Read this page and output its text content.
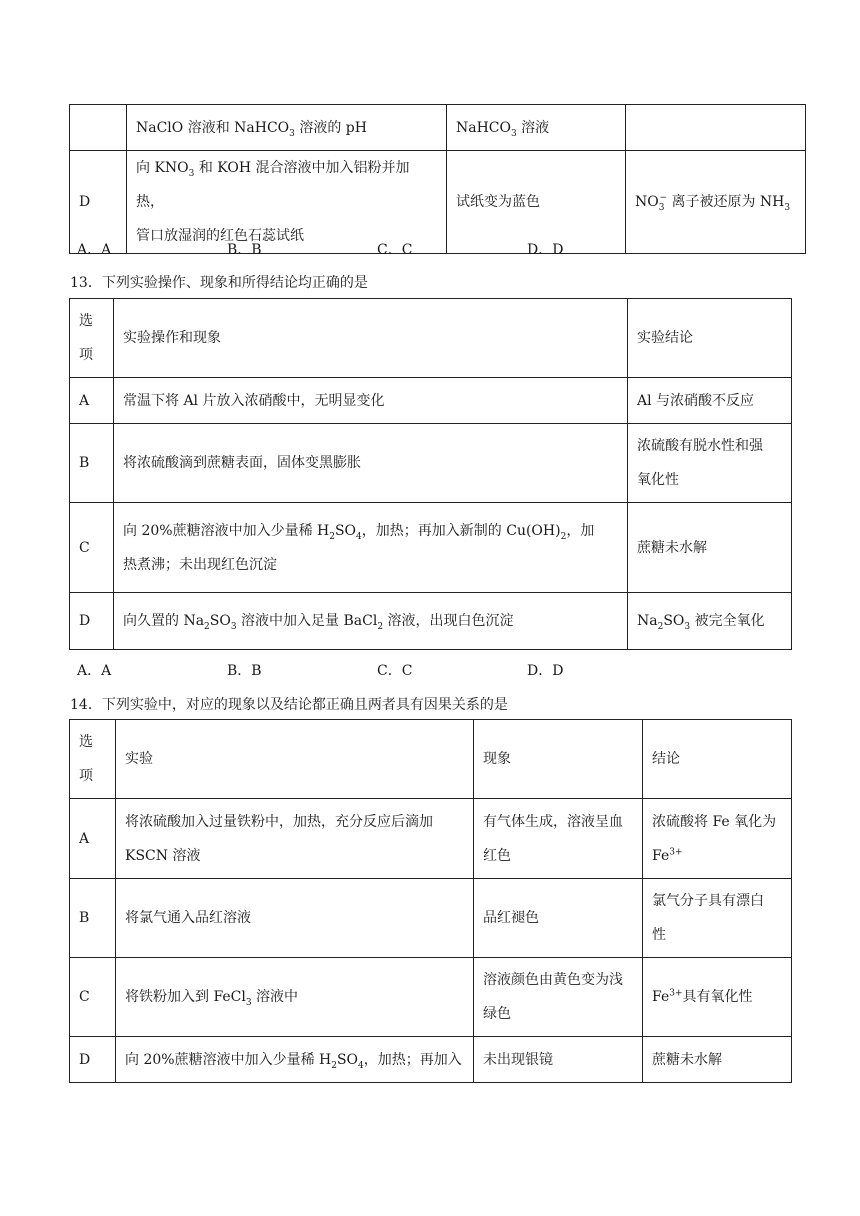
	NaClO 溶液和 NaHCO$_3$ 溶液的 pH	NaHCO$_3$ 溶液	
D	向 $KNO_3$ 和 KOH 混合溶液中加入铝粉并加热，
管口放湿润的红色石蕊试纸	试纸变为蓝色	$NO_3^-$ 离子被还原为 $NH_3$
A．A	B．B	C．C	D．D
13．下列实验操作、现象和所得结论均正确的是
选
项	实验操作和现象	实验结论
A	常温下将 Al 片放入浓硝酸中，无明显变化	Al 与浓硝酸不反应
B	将浓硫酸滴到蔗糖表面，固体变黑膨胀	浓硫酸有脱水性和强
氧化性
C	向 20%蔗糖溶液中加入少量稀 $H_2SO_4$，加热；再加入新制的 $Cu(OH)_2$，加
热煮沸；未出现红色沉淀	蔗糖未水解
D	向久置的 $Na_2SO_3$ 溶液中加入足量 BaCl$_2$ 溶液，出现白色沉淀	$Na_2SO_3$ 被完全氧化
A．A	B．B	C．C	D．D
14．下列实验中，对应的现象以及结论都正确且两者具有因果关系的是
选
项	实验	现象	结论
A	将浓硫酸加入过量铁粉中，加热，充分反应后滴加
KSCN 溶液	有气体生成，溶液呈血
红色	浓硫酸将 Fe 氧化为
$Fe^{3+}$
B	将氯气通入品红溶液	品红褪色	氯气分子具有漂白
性
C	将铁粉加入到 FeCl$_3$ 溶液中	溶液颜色由黄色变为浅
绿色	$Fe^{3+}$具有氧化性
D	向 20%蔗糖溶液中加入少量稀 $H_2SO_4$，加热；再加入	未出现银镜	蔗糖未水解
